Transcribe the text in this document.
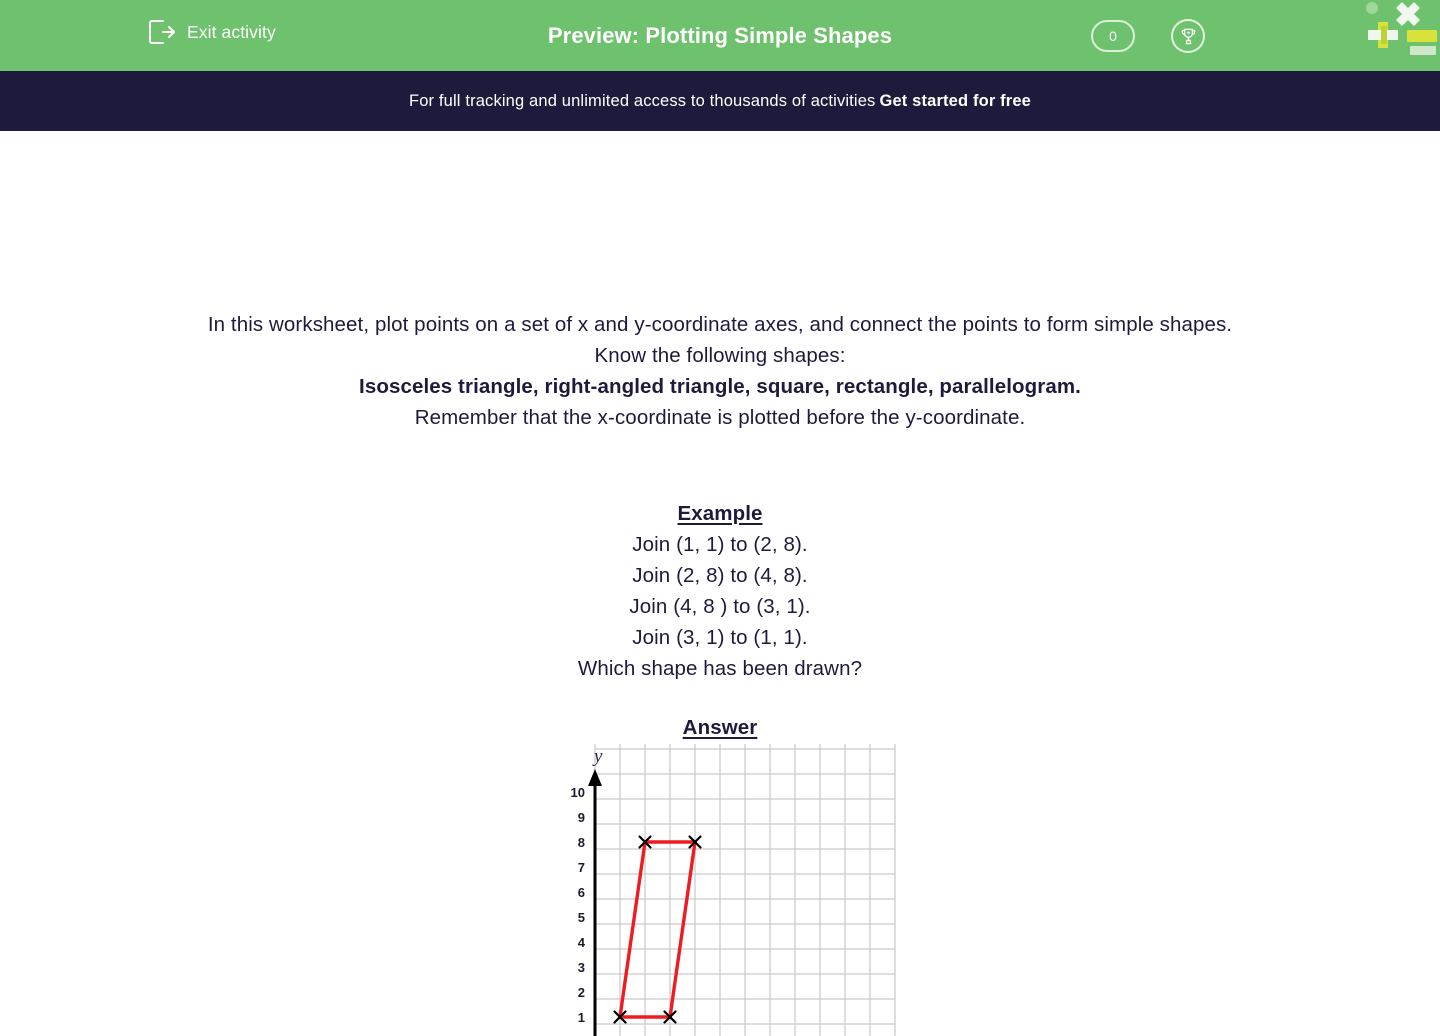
Exit activity	Preview: Plotting Simple Shapes	0
For full tracking and unlimited access to thousands of activities Get started for free
In this worksheet, plot points on a set of x and y-coordinate axes, and connect the points to form simple shapes.
Know the following shapes:
Isosceles triangle, right-angled triangle, square, rectangle, parallelogram.
Remember that the x-coordinate is plotted before the y-coordinate.
Example
Join (1, 1) to (2, 8).
Join (2, 8) to (4, 8).
Join (4, 8 ) to (3, 1).
Join (3, 1) to (1, 1).
Which shape has been drawn?
Answer
y
10
9
8
7
6
5
4
3
2
1
